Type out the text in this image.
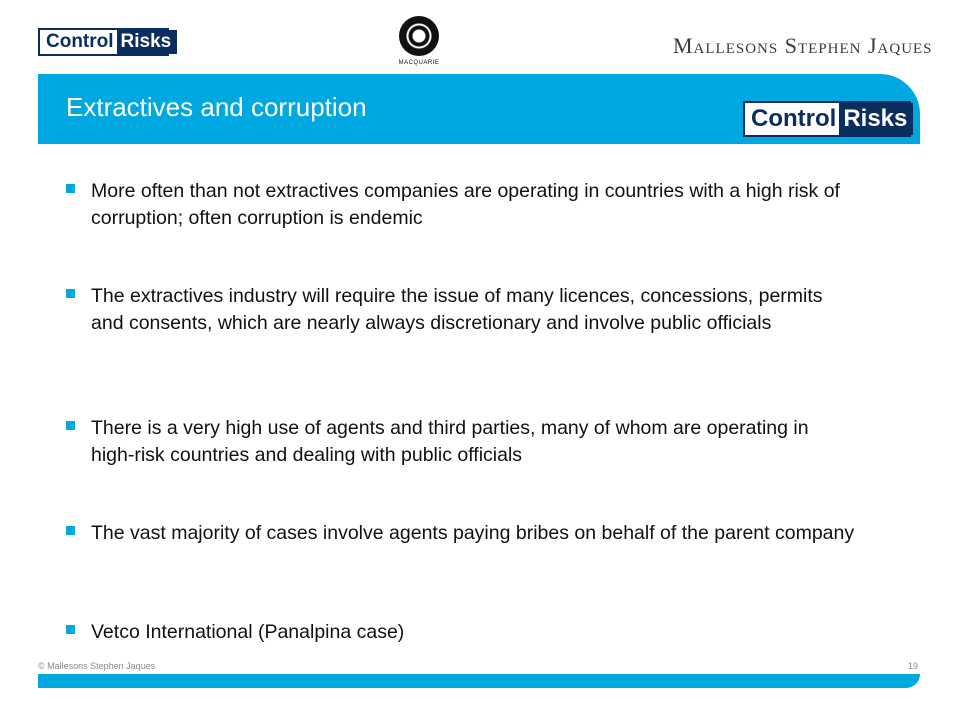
Control Risks
MACQUARIE
Mallesons Stephen Jaques
Extractives and corruption	Control Risks
More often than not extractives companies are operating in countries with a high risk of corruption; often corruption is endemic
The extractives industry will require the issue of many licences, concessions, permits and consents, which are nearly always discretionary and involve public officials
There is a very high use of agents and third parties, many of whom are operating in high-risk countries and dealing with public officials
The vast majority of cases involve agents paying bribes on behalf of the parent company
Vetco International (Panalpina case)
© Mallesons Stephen Jaques	19
